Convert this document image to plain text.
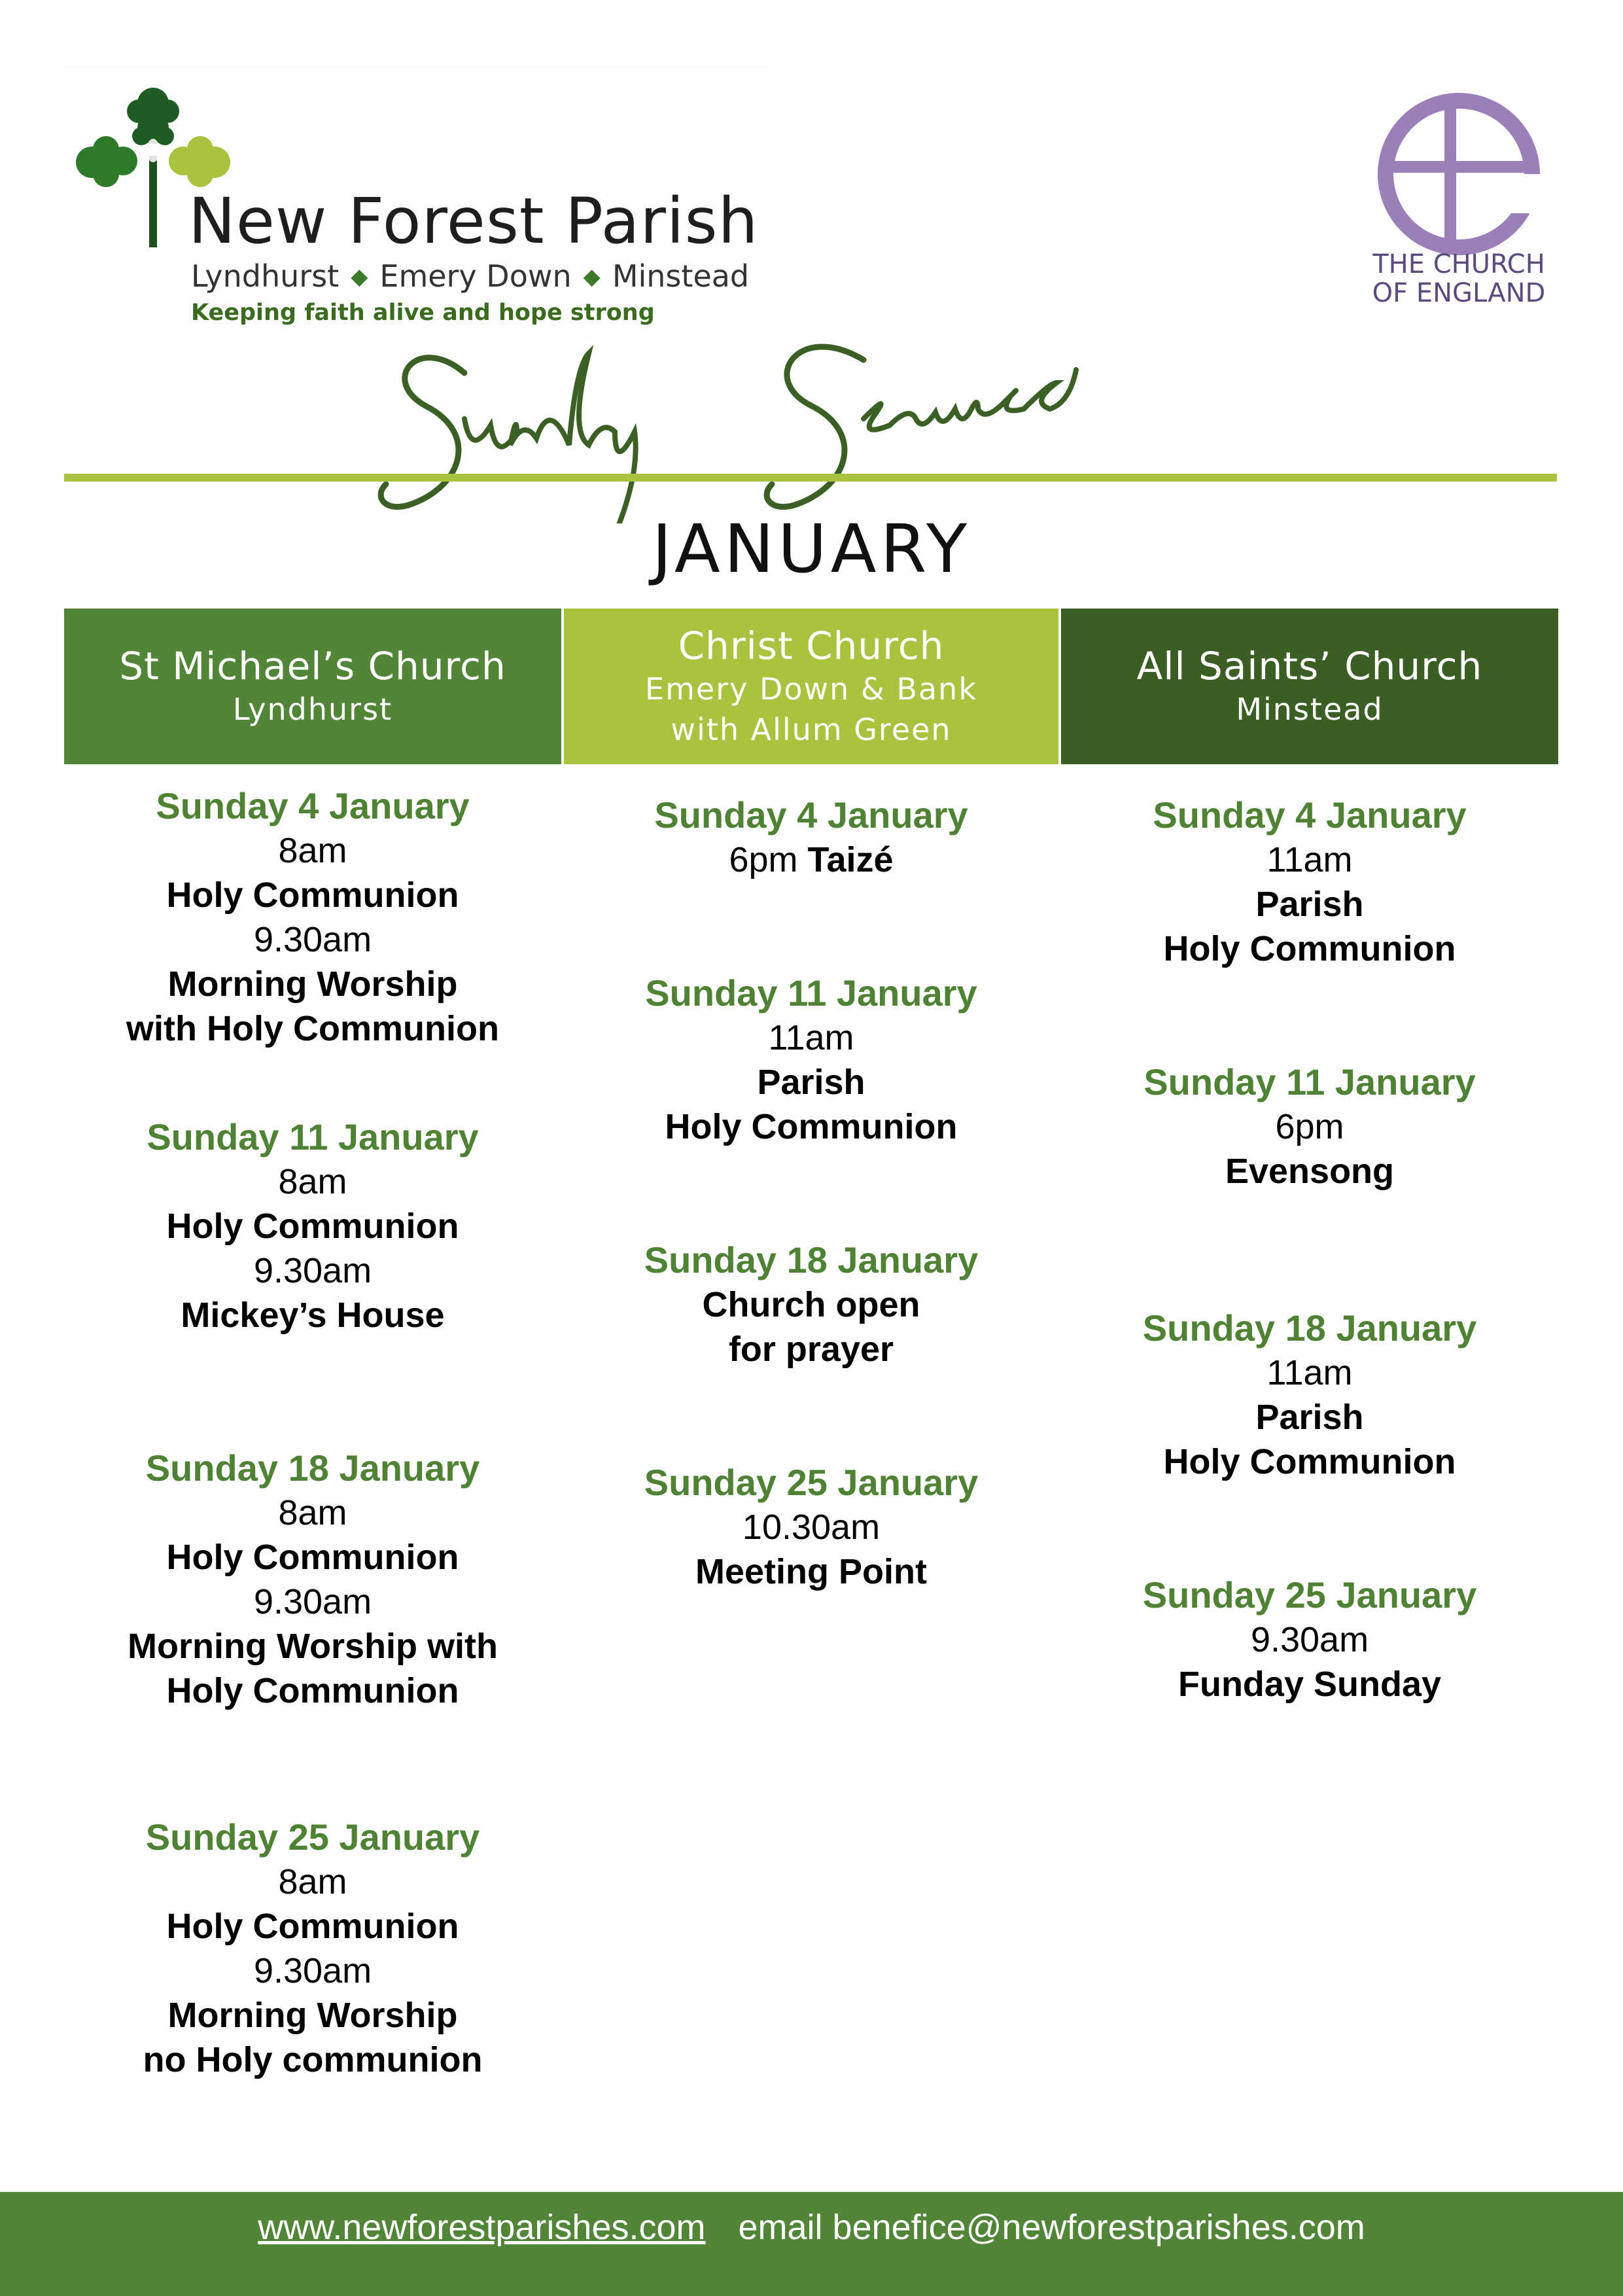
New Forest Parish
Lyndhurst ◆ Emery Down ◆ Minstead
Keeping faith alive and hope strong
THE CHURCH
OF ENGLAND
JANUARY
St Michael’s Church
Lyndhurst
Christ Church
Emery Down & Bank
with Allum Green
All Saints’ Church
Minstead
Sunday 4 January
8am
Holy Communion
9.30am
Morning Worship
with Holy Communion
Sunday 11 January
8am
Holy Communion
9.30am
Mickey’s House
Sunday 18 January
8am
Holy Communion
9.30am
Morning Worship with
Holy Communion
Sunday 25 January
8am
Holy Communion
9.30am
Morning Worship
no Holy communion
Sunday 4 January
6pm Taizé
Sunday 11 January
11am
Parish
Holy Communion
Sunday 18 January
Church open
for prayer
Sunday 25 January
10.30am
Meeting Point
Sunday 4 January
11am
Parish
Holy Communion
Sunday 11 January
6pm
Evensong
Sunday 18 January
11am
Parish
Holy Communion
Sunday 25 January
9.30am
Funday Sunday
www.newforestparishes.com email benefice@newforestparishes.com
